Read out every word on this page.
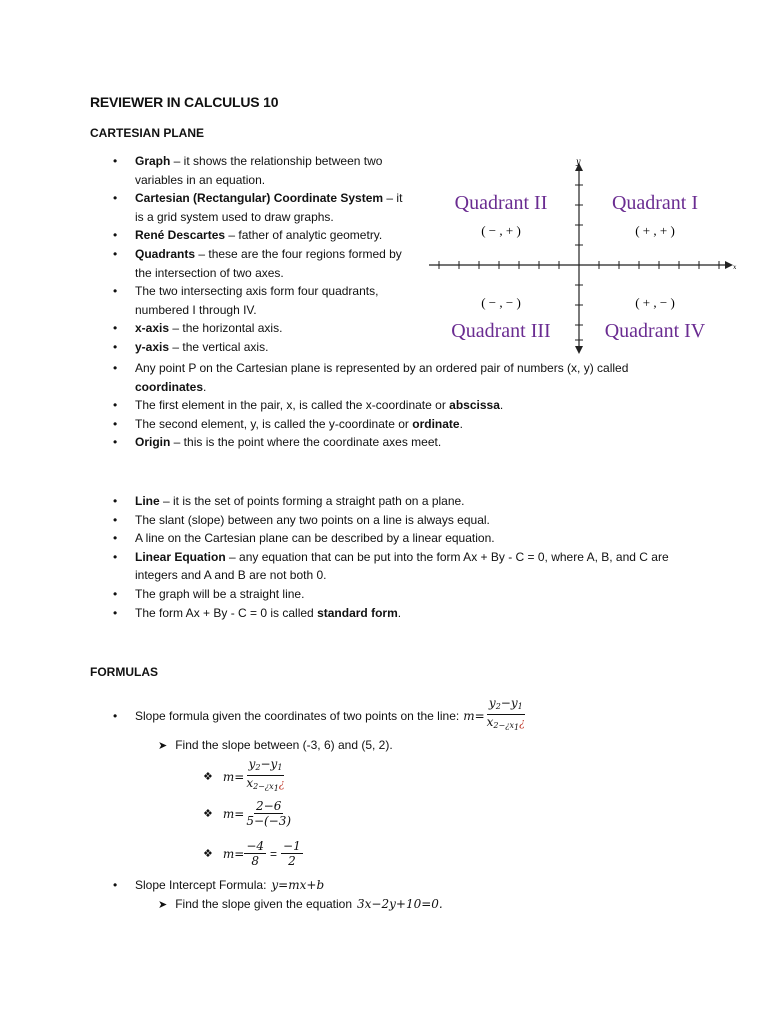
REVIEWER IN CALCULUS 10
CARTESIAN PLANE
• Graph – it shows the relationship between two variables in an equation.
• Cartesian (Rectangular) Coordinate System – it is a grid system used to draw graphs.
• René Descartes – father of analytic geometry.
• Quadrants – these are the four regions formed by the intersection of two axes.
• The two intersecting axis form four quadrants, numbered I through IV.
• x-axis – the horizontal axis.
• y-axis – the vertical axis.
y
x
Quadrant II
( − , + )
Quadrant I
( + , + )
( − , − )
Quadrant III
( + , − )
Quadrant IV
• Any point P on the Cartesian plane is represented by an ordered pair of numbers (x, y) called coordinates.
• The first element in the pair, x, is called the x-coordinate or abscissa.
• The second element, y, is called the y-coordinate or ordinate.
• Origin – this is the point where the coordinate axes meet.
• Line – it is the set of points forming a straight path on a plane.
• The slant (slope) between any two points on a line is always equal.
• A line on the Cartesian plane can be described by a linear equation.
• Linear Equation – any equation that can be put into the form Ax + By - C = 0, where A, B, and C are integers and A and B are not both 0.
• The graph will be a straight line.
• The form Ax + By - C = 0 is called standard form.
FORMULAS
•	Slope formula given the coordinates of two points on the line: $m= \frac{y_2-y_1}{x_{2-¿x1}¿}$
➤ Find the slope between (-3, 6) and (5, 2).
❖ $m= \frac{y_2-y_1}{x_{2-¿x1}¿}$
❖ $m= \frac{2-6}{5-(-3)}$
❖ $m= \frac{-4}{8} = \frac{-1}{2}$
•	Slope Intercept Formula: y=mx+b
➤ Find the slope given the equation 3x−2y+10=0.
